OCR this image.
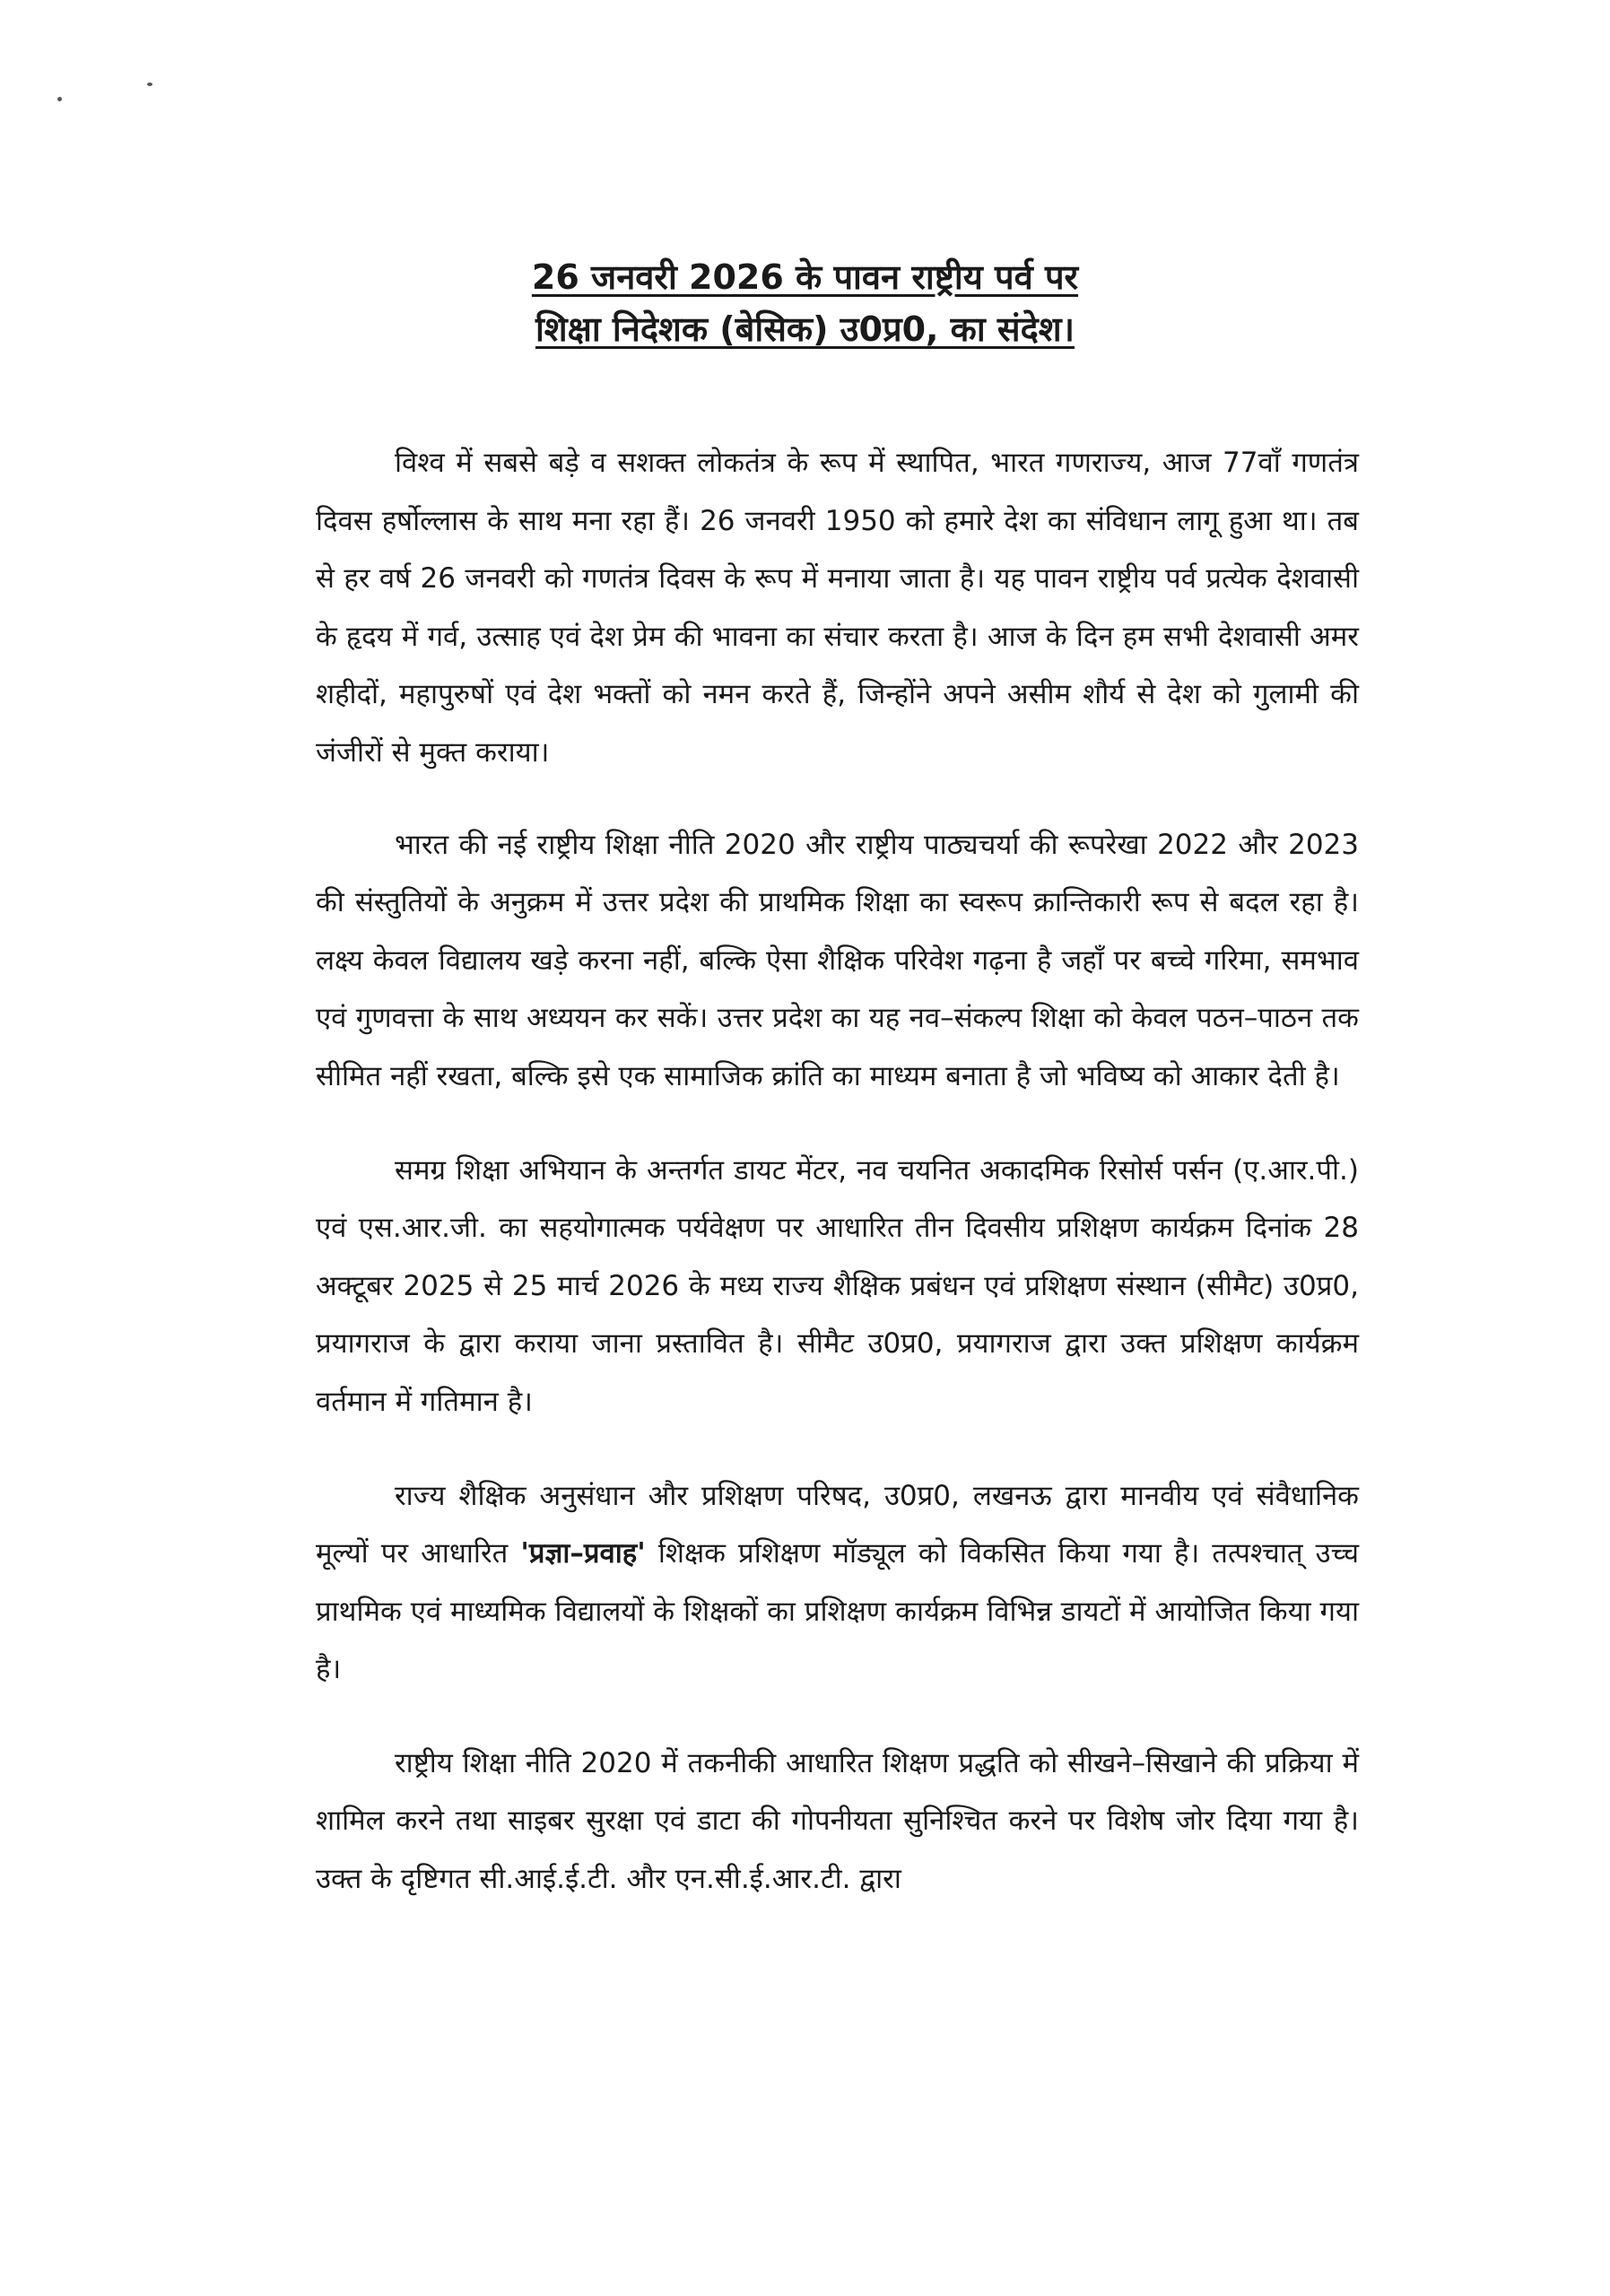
26 जनवरी 2026 के पावन राष्ट्रीय पर्व पर
शिक्षा निदेशक (बेसिक) उ0प्र0, का संदेश।

विश्व में सबसे बड़े व सशक्त लोकतंत्र के रूप में स्थापित, भारत गणराज्य, आज 77वाँ गणतंत्र दिवस हर्षोल्लास के साथ मना रहा हैं। 26 जनवरी 1950 को हमारे देश का संविधान लागू हुआ था। तब से हर वर्ष 26 जनवरी को गणतंत्र दिवस के रूप में मनाया जाता है। यह पावन राष्ट्रीय पर्व प्रत्येक देशवासी के हृदय में गर्व, उत्साह एवं देश प्रेम की भावना का संचार करता है। आज के दिन हम सभी देशवासी अमर शहीदों, महापुरुषों एवं देश भक्तों को नमन करते हैं, जिन्होंने अपने असीम शौर्य से देश को गुलामी की जंजीरों से मुक्त कराया।

भारत की नई राष्ट्रीय शिक्षा नीति 2020 और राष्ट्रीय पाठ्यचर्या की रूपरेखा 2022 और 2023 की संस्तुतियों के अनुक्रम में उत्तर प्रदेश की प्राथमिक शिक्षा का स्वरूप क्रान्तिकारी रूप से बदल रहा है। लक्ष्य केवल विद्यालय खड़े करना नहीं, बल्कि ऐसा शैक्षिक परिवेश गढ़ना है जहाँ पर बच्चे गरिमा, समभाव एवं गुणवत्ता के साथ अध्ययन कर सकें। उत्तर प्रदेश का यह नव–संकल्प शिक्षा को केवल पठन–पाठन तक सीमित नहीं रखता, बल्कि इसे एक सामाजिक क्रांति का माध्यम बनाता है जो भविष्य को आकार देती है।

समग्र शिक्षा अभियान के अन्तर्गत डायट मेंटर, नव चयनित अकादमिक रिसोर्स पर्सन (ए.आर.पी.) एवं एस.आर.जी. का सहयोगात्मक पर्यवेक्षण पर आधारित तीन दिवसीय प्रशिक्षण कार्यक्रम दिनांक 28 अक्टूबर 2025 से 25 मार्च 2026 के मध्य राज्य शैक्षिक प्रबंधन एवं प्रशिक्षण संस्थान (सीमैट) उ0प्र0, प्रयागराज के द्वारा कराया जाना प्रस्तावित है। सीमैट उ0प्र0, प्रयागराज द्वारा उक्त प्रशिक्षण कार्यक्रम वर्तमान में गतिमान है।

राज्य शैक्षिक अनुसंधान और प्रशिक्षण परिषद, उ0प्र0, लखनऊ द्वारा मानवीय एवं संवैधानिक मूल्यों पर आधारित 'प्रज्ञा–प्रवाह' शिक्षक प्रशिक्षण मॉड्यूल को विकसित किया गया है। तत्पश्चात् उच्च प्राथमिक एवं माध्यमिक विद्यालयों के शिक्षकों का प्रशिक्षण कार्यक्रम विभिन्न डायटों में आयोजित किया गया है।

राष्ट्रीय शिक्षा नीति 2020 में तकनीकी आधारित शिक्षण प्रद्धति को सीखने–सिखाने की प्रक्रिया में शामिल करने तथा साइबर सुरक्षा एवं डाटा की गोपनीयता सुनिश्चित करने पर विशेष जोर दिया गया है। उक्त के दृष्टिगत सी.आई.ई.टी. और एन.सी.ई.आर.टी. द्वारा
